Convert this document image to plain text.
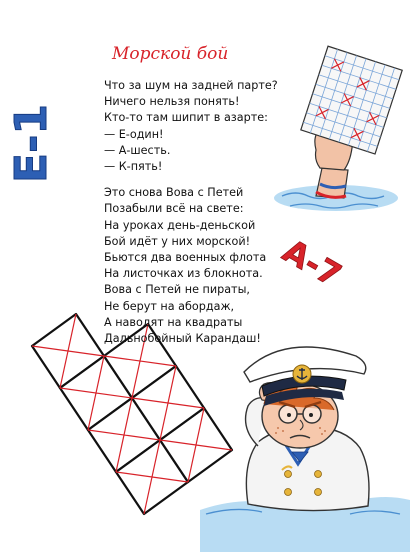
Е-1
А-7
Морской бой
Что за шум на задней парте?
Ничего нельзя понять!
Кто-то там шипит в азарте:
— Е-один!
— А-шесть.
— К-пять!
Это снова Вова с Петей
Позабыли всё на свете:
На уроках день-деньской
Бой идёт у них морской!
Бьются два военных флота
На листочках из блокнота.
Вова с Петей не пираты,
Не берут на абордаж,
А наводят на квадраты
Дальнобойный Карандаш!
